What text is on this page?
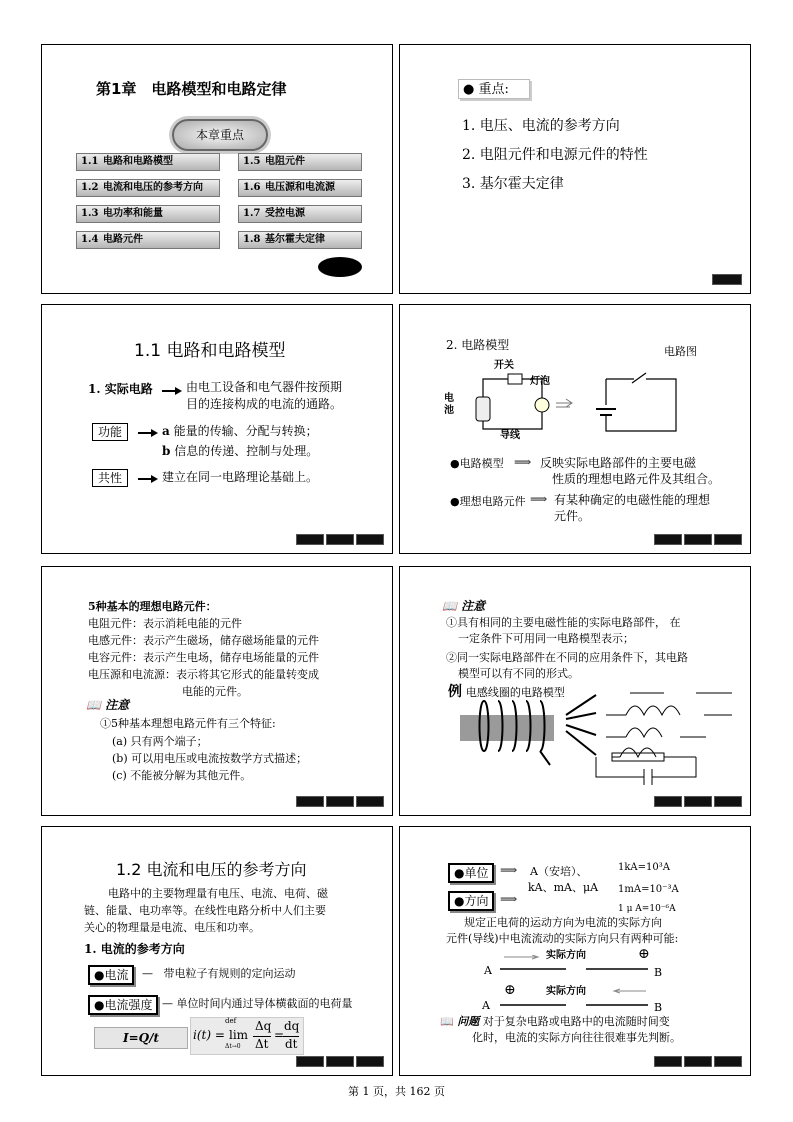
第1章　电路模型和电路定律
本章重点
1.1 电路和电路模型
1.2 电流和电压的参考方向
1.3 电功率和能量
1.4 电路元件
1.5 电阻元件
1.6 电压源和电流源
1.7 受控电源
1.8 基尔霍夫定律
● 重点:
1. 电压、电流的参考方向
2. 电阻元件和电源元件的特性
3. 基尔霍夫定律
1.1 电路和电路模型
1. 实际电路	由电工设备和电气器件按预期
目的连接构成的电流的通路。
功能	a 能量的传输、分配与转换；
b 信息的传递、控制与处理。
共性	建立在同一电路理论基础上。
2. 电路模型	电路图
开关
灯泡
电池
导线
●电路模型 ⟹ 反映实际电路部件的主要电磁
性质的理想电路元件及其组合。
●理想电路元件 ⟹ 有某种确定的电磁性能的理想
元件。
5种基本的理想电路元件：
电阻元件：表示消耗电能的元件
电感元件：表示产生磁场，储存磁场能量的元件
电容元件：表示产生电场，储存电场能量的元件
电压源和电流源：表示将其它形式的能量转变成
电能的元件。
📖 注意
①5种基本理想电路元件有三个特征:
(a) 只有两个端子；
(b) 可以用电压或电流按数学方式描述；
(c) 不能被分解为其他元件。
📖 注意
①具有相同的主要电磁性能的实际电路部件， 在
一定条件下可用同一电路模型表示；
②同一实际电路部件在不同的应用条件下，其电路
模型可以有不同的形式。
例 电感线圈的电路模型
1.2 电流和电压的参考方向
电路中的主要物理量有电压、电流、电荷、磁
链、能量、电功率等。在线性电路分析中人们主要
关心的物理量是电流、电压和功率。
1. 电流的参考方向
●电流	—   带电粒子有规则的定向运动
●电流强度 — 单位时间内通过导体横截面的电荷量
I=Q/t
def
i(t) = lim
Δt→0
Δq
Δt
=
dq
dt
●单位 ⟹ A（安培）、
kA、mA、μA
1kA=10³A
1mA=10⁻³A
1 μ A=10⁻⁶A
●方向 ⟹
规定正电荷的运动方向为电流的实际方向
元件(导线)中电流流动的实际方向只有两种可能:
实际方向
A	B
⊕
实际方向
A	B
⊕
📖 问题 对于复杂电路或电路中的电流随时间变
化时，电流的实际方向往往很难事先判断。
第 1 页，共 162 页
